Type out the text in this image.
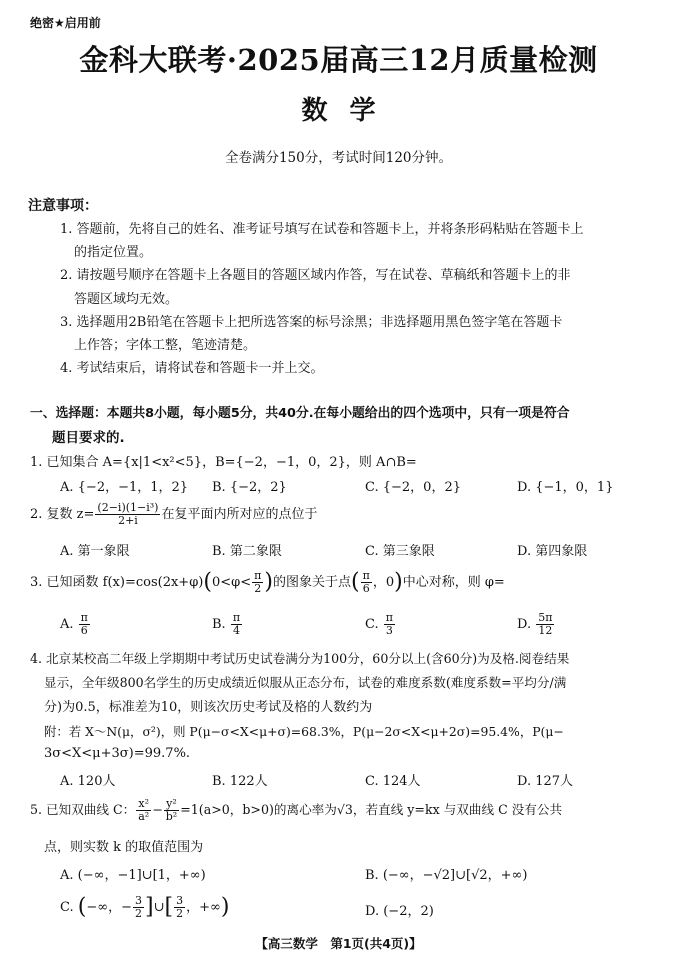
绝密★启用前
金科大联考·2025届高三12月质量检测
数学
全卷满分150分，考试时间120分钟。
注意事项：
1. 答题前，先将自己的姓名、准考证号填写在试卷和答题卡上，并将条形码粘贴在答题卡上
的指定位置。
2. 请按题号顺序在答题卡上各题目的答题区域内作答，写在试卷、草稿纸和答题卡上的非
答题区域均无效。
3. 选择题用2B铅笔在答题卡上把所选答案的标号涂黑；非选择题用黑色签字笔在答题卡
上作答；字体工整，笔迹清楚。
4. 考试结束后，请将试卷和答题卡一并上交。
一、选择题：本题共8小题，每小题5分，共40分.在每小题给出的四个选项中，只有一项是符合
题目要求的.
1. 已知集合 A={x|1<x²<5}，B={−2，−1，0，2}，则 A∩B=
A. {−2，−1，1，2} B. {−2，2}	C. {−2，0，2}	D. {−1，0，1}
2. 复数 $z= \frac{\text{(2−i)(1−i³)}}{2+i}$ 在复平面内所对应的点位于
A. 第一象限	B. 第二象限	C. 第三象限	D. 第四象限
3. 已知函数 $f(x)=\cos(2x+\varphi)(0<\varphi< \frac{\pi}{2}$ )的图象关于点( $\frac{\pi}{6}$ ，0)中心对称，则 φ=
A. $\frac{\pi}{6}$	B. $\frac{\pi}{4}$	C. $\frac{\pi}{3}$	D. $\frac{5\pi}{12}$
4. 北京某校高二年级上学期期中考试历史试卷满分为100分，60分以上(含60分)为及格.阅卷结果
显示，全年级800名学生的历史成绩近似服从正态分布，试卷的难度系数(难度系数=平均分/满
分)为0.5，标准差为10，则该次历史考试及格的人数约为
附：若 X～N(μ，σ²)，则 P(μ−σ<X<μ+σ)=68.3%，P(μ−2σ<X<μ+2σ)=95.4%，P(μ−
3σ<X<μ+3σ)=99.7%.
A. 120人	B. 122人	C. 124人	D. 127人
5. 已知双曲线 C： $\frac{\text{x²}}{\text{a²}} - \frac{\text{y²}}{\text{b²}} =1(a>0$，b>0)的离心率为√3，若直线 y=kx 与双曲线 C 没有公共
点，则实数 k 的取值范围为
A. (−∞，−1]∪[1，+∞)	B. (−∞，−√2]∪[√2，+∞)
C. (−∞，− $\frac{3}{2}$ ]∪[ $\frac{3}{2}$ ，+∞)	D. (−2，2)
【高三数学　第1页(共4页)】
